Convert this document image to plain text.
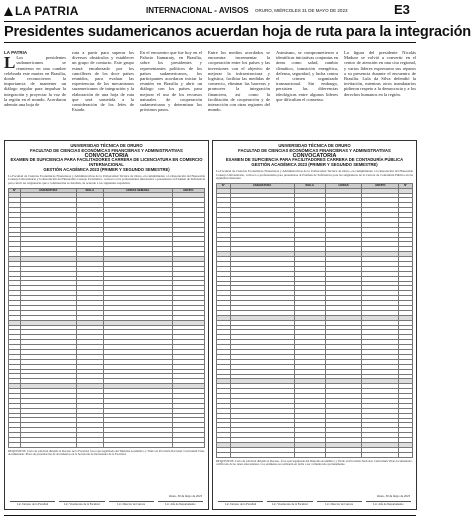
LA PATRIA	INTERNACIONAL - AVISOS ORURO, MIÉRCOLES 31 DE MAYO DE 2023	E3
Presidentes sudamericanos acuerdan hoja de ruta para la integración
LA PATRIA
L Los presidentes sudamericanos se reunieron en una cumbre celebrada este martes en Brasilia, donde reconocieron la importancia de mantener un diálogo regular para impulsar la integración y proyectar la voz de la región en el mundo. Acordaron además una hoja de
ruta a partir para superar los diversos obstáculos y establecer un grupo de contacto. Este grupo estará encabezado por los cancilleres de los doce países reunidos, para evaluar las experiencias de los mecanismos suramericanos de integración y la elaboración de una hoja de ruta que será sometida a la consideración de los Jefes de Estado.
En el encuentro que fue hoy en el Palacio Itamaraty, en Brasilia, sobre los presidentes y representantes políticos de los países sudamericanos, los participantes acordaron iniciar la reunión en Brasilia y abrir un diálogo con los países para mejorar el uso de los recursos naturales de cooperación sudamericana y determinar los próximos pasos.
Entre los medios acordados se encuentra incrementar la cooperación entre los países y las inversiones con el objetivo de mejorar la infraestructura y logística, facilitar las medidas de comercio, eliminar las barreras y promover la integración financiera, así como la facilitación de cooperación y de interacción con otras regiones del mundo.
Asimismo, se comprometieron a identificar iniciativas conjuntas en áreas como salud, cambio climático, transición energética, defensa, seguridad, y lucha contra el crimen organizado transnacional. Sin embargo, persisten las diferencias ideológicas entre algunos líderes que dificultan el consenso.
La figura del presidente Nicolás Maduro se volvió a convertir en el centro de atención en una cita regional, y varios líderes expresaron sus reparos a su presencia durante el encuentro de Brasilia. Lula da Silva defendió la invitación, mientras otros mandatarios pidieron respeto a la democracia y a los derechos humanos en la región.
UNIVERSIDAD TÉCNICA DE ORURO
FACULTAD DE CIENCIAS ECONÓMICAS FINANCIERAS Y ADMINISTRATIVAS
CONVOCATORIA
EXAMEN DE SUFICIENCIA PARA FACILITADORES CARRERA DE LICENCIATURA EN COMERCIO INTERNACIONAL
GESTIÓN ACADÉMICA 2023 (PRIMER Y SEGUNDO SEMESTRE)
La Facultad de Ciencias Económicas Financieras y Administrativas de la Universidad Técnica de Oruro, en cumplimiento a la Resolución del Honorable Consejo Universitario y la Resolución del Honorable Consejo Facultativo, convoca a los profesionales interesados a presentarse al Examen de Suficiencia para cubrir las asignaturas que a continuación se detallan, de acuerdo a los siguientes requisitos:
N°	ASIGNATURA	SIGLA	HORAS SEMANA	GRUPO

REQUISITOS: Carta de solicitud dirigida al Decano de la Facultad, fotocopia legalizada del Diploma Académico y Título en Provisión Nacional, Curriculum Vitae documentado. Plazo de presentación de documentos en la Secretaría de Decanatura de la Facultad.
Oruro, 30 de mayo de 2023
Lic. Decano de la Facultad	Lic. Vicedecano de la Facultad	Lic. Director de Carrera	Lic. Jefe de Departamento
UNIVERSIDAD TÉCNICA DE ORURO
FACULTAD DE CIENCIAS ECONÓMICAS FINANCIERAS Y ADMINISTRATIVAS
CONVOCATORIA
EXAMEN DE SUFICIENCIA PARA FACILITADORES CARRERA DE CONTADURÍA PÚBLICA
GESTIÓN ACADÉMICA 2023 (PRIMER Y SEGUNDO SEMESTRE)
La Facultad de Ciencias Económicas Financieras y Administrativas de la Universidad Técnica de Oruro, en cumplimiento a la Resolución del Honorable Consejo Universitario, convoca a profesionales para presentarse al Examen de Suficiencia para las asignaturas de la Carrera de Contaduría Pública en las siguientes materias:
N°	ASIGNATURA	SIGLA	HORAS	GRUPO	N°

REQUISITOS: Carta de solicitud dirigida al Decano, fotocopia legalizada del Diploma Académico y Título en Provisión Nacional, Curriculum Vitae documentado, certificado de no tener antecedentes. Los exámenes se realizarán en fecha a ser comunicada oportunamente.
Oruro, 30 de mayo de 2023
Lic. Decano de la Facultad	Lic. Vicedecano de la Facultad	Lic. Director de Carrera	Lic. Jefe de Departamento
